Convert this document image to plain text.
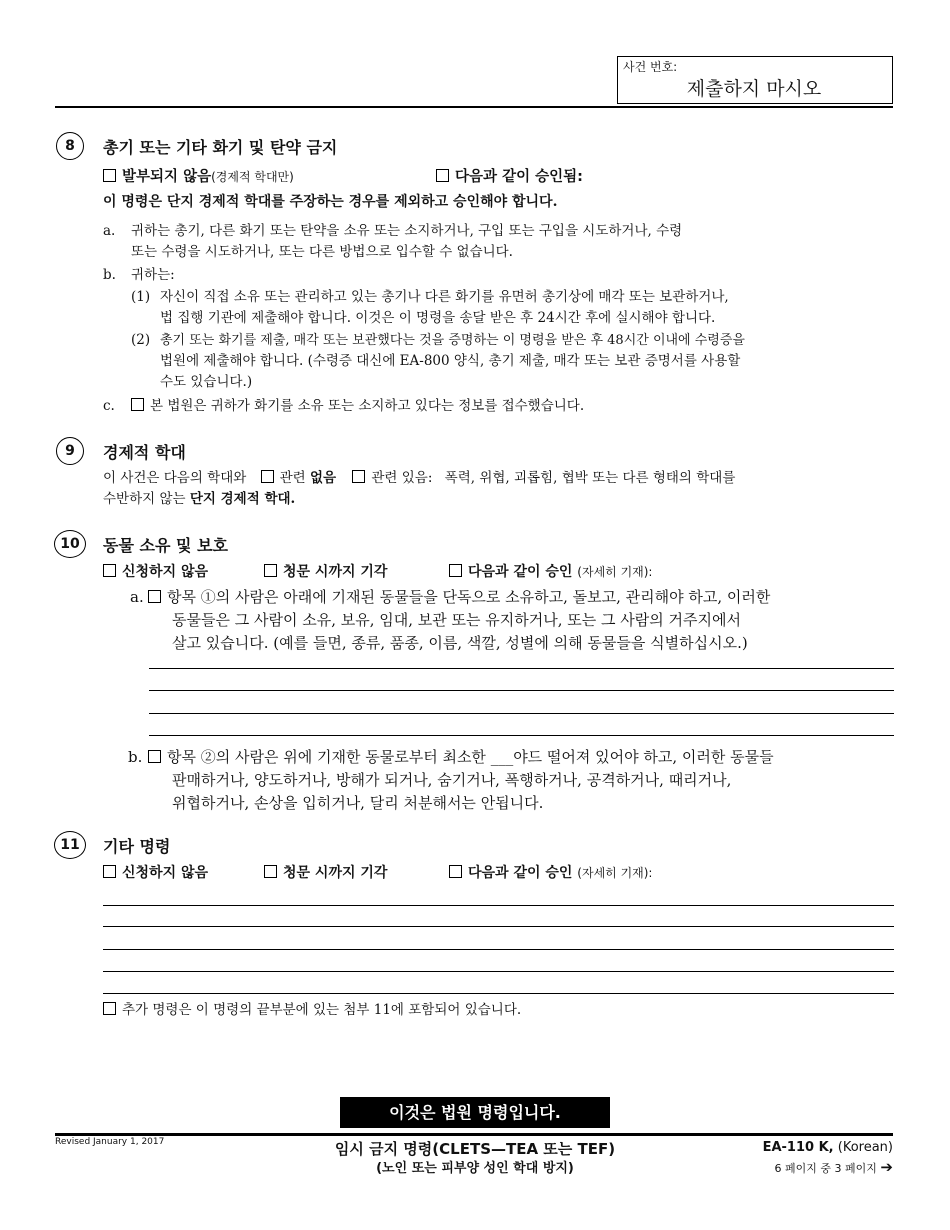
사건 번호:
제출하지 마시오
8	총기 또는 기타 화기 및 탄약 금지
발부되지 않음(경제적 학대만)	다음과 같이 승인됨:
이 명령은 단지 경제적 학대를 주장하는 경우를 제외하고 승인해야 합니다.
a. 귀하는 총기, 다른 화기 또는 탄약을 소유 또는 소지하거나, 구입 또는 구입을 시도하거나, 수령
또는 수령을 시도하거나, 또는 다른 방법으로 입수할 수 없습니다.
b. 귀하는:
(1) 자신이 직접 소유 또는 관리하고 있는 총기나 다른 화기를 유면허 총기상에 매각 또는 보관하거나,
법 집행 기관에 제출해야 합니다. 이것은 이 명령을 송달 받은 후 24시간 후에 실시해야 합니다.
(2) 총기 또는 화기를 제출, 매각 또는 보관했다는 것을 증명하는 이 명령을 받은 후 48시간 이내에 수령증을
법원에 제출해야 합니다. (수령증 대신에 EA-800 양식, 총기 제출, 매각 또는 보관 증명서를 사용할
수도 있습니다.)
c.	본 법원은 귀하가 화기를 소유 또는 소지하고 있다는 정보를 접수했습니다.
9	경제적 학대
이 사건은 다음의 학대와 관련 없음	관련 있음: 폭력, 위협, 괴롭힘, 협박 또는 다른 형태의 학대를
수반하지 않는 단지 경제적 학대.
10	동물 소유 및 보호
신청하지 않음	청문 시까지 기각	다음과 같이 승인 (자세히 기재):
a.	항목 ①의 사람은 아래에 기재된 동물들을 단독으로 소유하고, 돌보고, 관리해야 하고, 이러한
동물들은 그 사람이 소유, 보유, 임대, 보관 또는 유지하거나, 또는 그 사람의 거주지에서
살고 있습니다. (예를 들면, 종류, 품종, 이름, 색깔, 성별에 의해 동물들을 식별하십시오.)
b.	항목 ②의 사람은 위에 기재한 동물로부터 최소한 ___야드 떨어져 있어야 하고, 이러한 동물들
판매하거나, 양도하거나, 방해가 되거나, 숨기거나, 폭행하거나, 공격하거나, 때리거나,
위협하거나, 손상을 입히거나, 달리 처분해서는 안됩니다.
11	기타 명령
신청하지 않음	청문 시까지 기각	다음과 같이 승인 (자세히 기재):
추가 명령은 이 명령의 끝부분에 있는 첨부 11에 포함되어 있습니다.
이것은 법원 명령입니다.
Revised January 1, 2017	임시 금지 명령(CLETS—TEA 또는 TEF)
(노인 또는 피부양 성인 학대 방지)
EA-110 K, (Korean)
6 페이지 중 3 페이지 ➔
